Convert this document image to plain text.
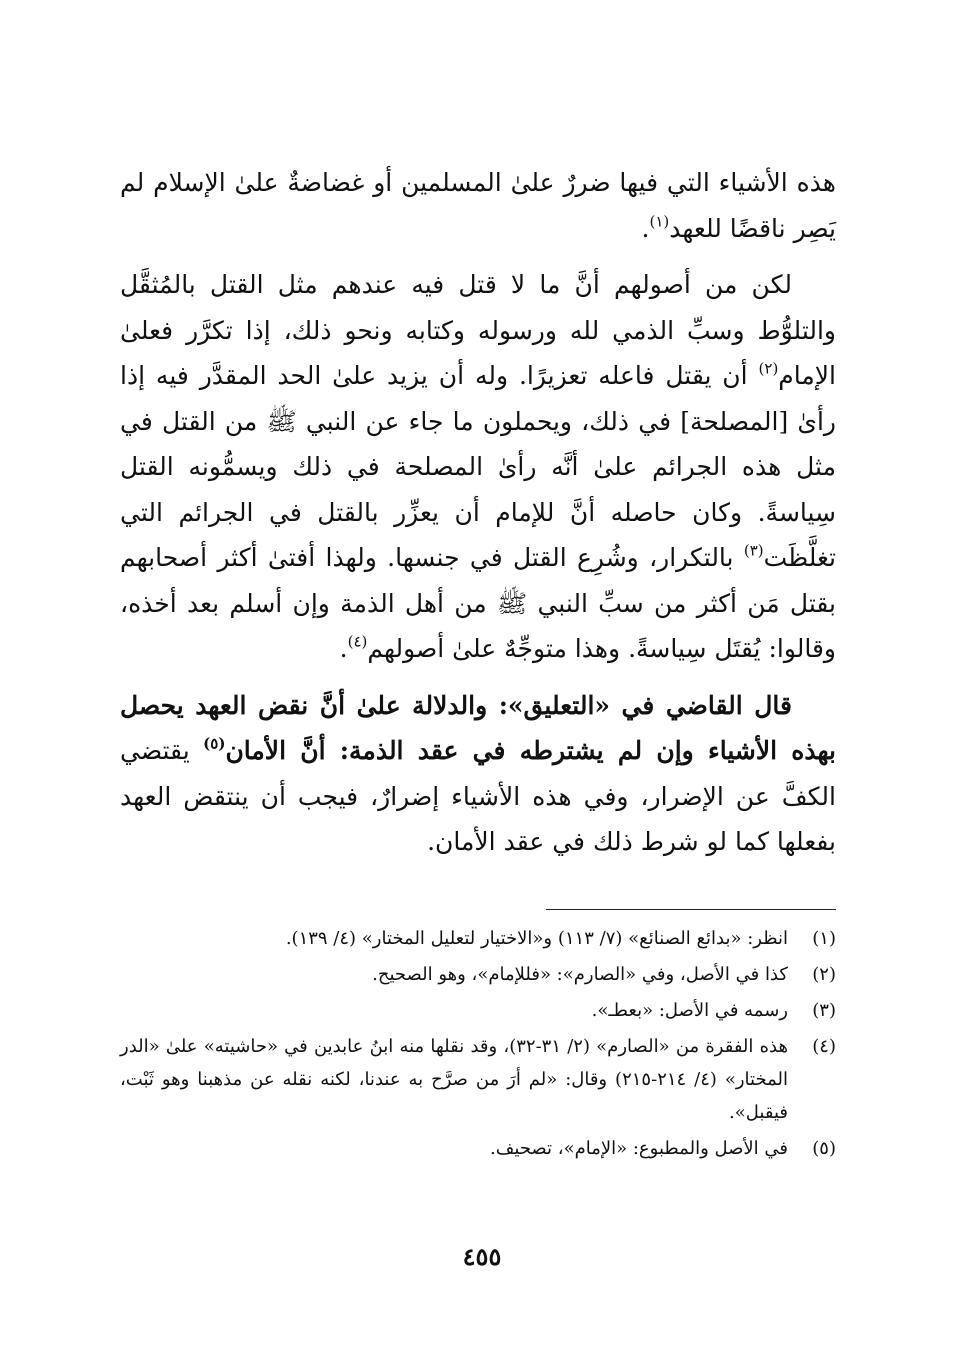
هذه الأشياء التي فيها ضررٌ علىٰ المسلمين أو غضاضةٌ علىٰ الإسلام لم يَصِر ناقضًا للعهد$^{(١)}$.

لكن من أصولهم أنَّ ما لا قتل فيه عندهم مثل القتل بالمُثقَّل والتلوُّط وسبِّ الذمي لله ورسوله وكتابه ونحو ذلك، إذا تكرَّر فعلىٰ الإمام$^{(٢)}$ أن يقتل فاعله تعزيرًا. وله أن يزيد علىٰ الحد المقدَّر فيه إذا رأىٰ [المصلحة] في ذلك، ويحملون ما جاء عن النبي ﷺ من القتل في مثل هذه الجرائم علىٰ أنَّه رأىٰ المصلحة في ذلك ويسمُّونه القتل سِياسةً. وكان حاصله أنَّ للإمام أن يعزِّر بالقتل في الجرائم التي تغلَّظَت$^{(٣)}$ بالتكرار، وشُرِع القتل في جنسها. ولهذا أفتىٰ أكثر أصحابهم بقتل مَن أكثر من سبِّ النبي ﷺ من أهل الذمة وإن أسلم بعد أخذه، وقالوا: يُقتَل سِياسةً. وهذا متوجِّهٌ علىٰ أصولهم$^{(٤)}$.

قال القاضي في «التعليق»: والدلالة علىٰ أنَّ نقض العهد يحصل بهذه الأشياء وإن لم يشترطه في عقد الذمة: أنَّ الأمان$^{(٥)}$ يقتضي الكفَّ عن الإضرار، وفي هذه الأشياء إضرارٌ، فيجب أن ينتقض العهد بفعلها كما لو شرط ذلك في عقد الأمان.

(١)
انظر: «بدائع الصنائع» (٧/ ١١٣) و«الاختيار لتعليل المختار» (٤/ ١٣٩).
(٢)
كذا في الأصل، وفي «الصارم»: «فللإمام»، وهو الصحيح.
(٣)
رسمه في الأصل: «بعطـ».
(٤)
هذه الفقرة من «الصارم» (٢/ ٣١-٣٢)، وقد نقلها منه ابنُ عابدين في «حاشيته» علىٰ «الدر المختار» (٤/ ٢١٤-٢١٥) وقال: «لم أرَ من صرَّح به عندنا، لكنه نقله عن مذهبنا وهو ثَبْت، فيقبل».
(٥)
في الأصل والمطبوع: «الإمام»، تصحيف.
٤٥٥
